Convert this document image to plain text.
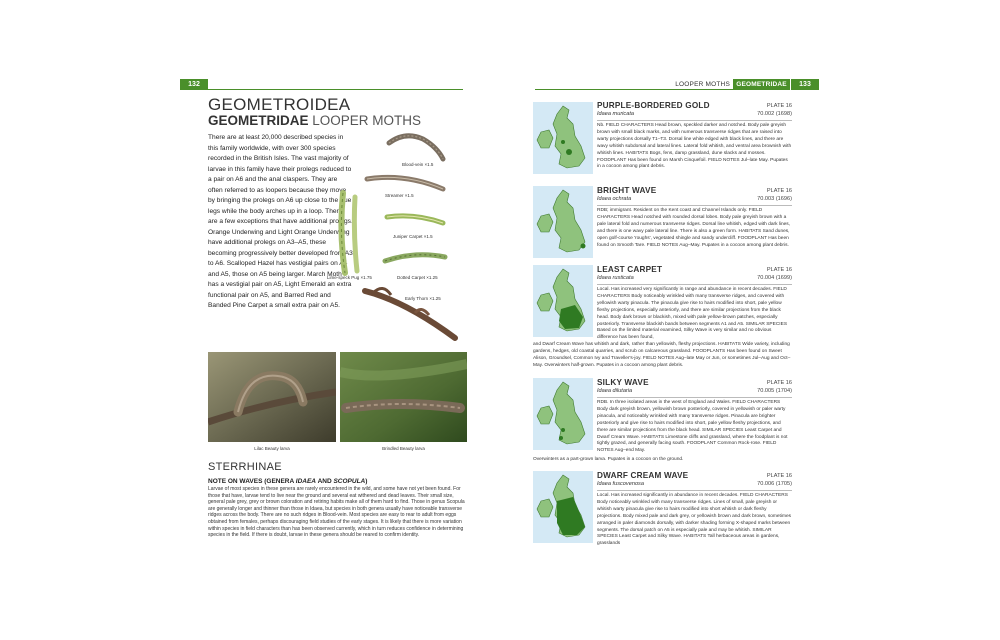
132	LOOPER MOTHS GEOMETRIDAE	133
GEOMETROIDEA
GEOMETRIDAE LOOPER MOTHS
There are at least 20,000 described species in this family worldwide, with over 300 species recorded in the British Isles. The vast majority of larvae in this family have their prolegs reduced to a pair on A6 and the anal claspers. They are often referred to as loopers because they move by bringing the prolegs on A6 up close to the true legs while the body arches up in a loop. There are a few exceptions that have additional prolegs. Orange Underwing and Light Orange Underwing have additional prolegs on A3–A5, these becoming progressively better developed from A3 to A6. Scalloped Hazel has vestigial pairs on A4 and A5, those on A5 being larger. March Moth has a vestigial pair on A5, Light Emerald an extra functional pair on A5, and Barred Red and Banded Pine Carpet a small extra pair on A5.
Blood-vein ×1.5
Streamer ×1.5
Juniper Carpet ×1.5
Lime-speck Pug ×1.75	Dotted Carpet ×1.25
Early Thorn ×1.25
Lilac Beauty larva	Brindled Beauty larva
STERRHINAE
NOTE ON WAVES (GENERA IDAEA AND SCOPULA)
Larvae of most species in these genera are rarely encountered in the wild, and some have not yet been found. For those that have, larvae tend to live near the ground and several eat withered and dead leaves. Their small size, general pale grey, grey or brown coloration and retiring habits make all of them hard to find. Those in genus Scopula are generally longer and thinner than those in Idaea, but species in both genera usually have noticeable transverse ridges across the body. There are no such ridges in Blood-vein. Most species are easy to rear to adult from eggs obtained from females, perhaps discouraging field studies of the early stages. It is likely that there is more variation within species in field characters than has been observed currently, which in turn reduces confidence in determining species in the field. If there is doubt, larvae in these genera should be reared to confirm identity.
PURPLE-BORDERED GOLD
Idaea muricata
PLATE 16
70.002 (1698)
Nb. FIELD CHARACTERS Head brown, speckled darker and notched. Body pale greyish brown with small black marks, and with numerous transverse ridges that are raised into warty projections dorsally T1–T3. Dorsal line white edged with black lines, and there are wavy whitish subdorsal and lateral lines. Lateral fold whitish, and ventral area brownish with whitish lines. HABITATS Bogs, fens, damp grassland, dune slacks and mosses. FOODPLANT Has been found on Marsh Cinquefoil. FIELD NOTES Jul–late May. Pupates in a cocoon among plant debris.
BRIGHT WAVE
Idaea ochrata
PLATE 16
70.003 (1696)
RDB; immigrant. Resident on the Kent coast and Channel Islands only. FIELD CHARACTERS Head notched with rounded dorsal lobes. Body pale greyish brown with a pale lateral fold and numerous transverse ridges. Dorsal line whitish, edged with dark lines, and there is one wavy pale lateral line. There is also a green form. HABITATS Sand dunes, open golf-course 'roughs', vegetated shingle and sandy undercliff. FOODPLANT Has been found on Smooth Tare. FIELD NOTES Aug–May. Pupates in a cocoon among plant debris.
LEAST CARPET
Idaea rusticata
PLATE 16
70.004 (1699)
Local. Has increased very significantly in range and abundance in recent decades. FIELD CHARACTERS Body noticeably wrinkled with many transverse ridges, and covered with yellowish warty pinacula. The pinacula give rise to hairs modified into short, pale yellow fleshy projections, especially anteriorly, and there are similar projections from the black head. Body dark brown or blackish, mixed with pale yellow-brown patches, especially posteriorly. Transverse blackish bands between segments A1 and A5. SIMILAR SPECIES Based on the limited material examined, Silky Wave is very similar and no obvious difference has been found,
and Dwarf Cream Wave has whitish and dark, rather than yellowish, fleshy projections. HABITATS Wide variety, including gardens, hedges, old coastal quarries, and scrub on calcareous grassland. FOODPLANTS Has been found on Sweet Alison, Groundsel, Common Ivy and Traveller's-joy. FIELD NOTES Aug–late May or Jun, or sometimes Jul–Aug and Oct–May. Overwinters half-grown. Pupates in a cocoon among plant debris.
SILKY WAVE
Idaea dilutaria
PLATE 16
70.005 (1704)
RDB. In three isolated areas in the west of England and Wales. FIELD CHARACTERS Body dark greyish brown, yellowish brown posteriorly, covered in yellowish or paler warty pinacula, and noticeably wrinkled with many transverse ridges. Pinacula are brighter posteriorly and give rise to hairs modified into short, pale yellow fleshy projections, and there are similar projections from the black head. SIMILAR SPECIES Least Carpet and Dwarf Cream Wave. HABITATS Limestone cliffs and grassland, where the foodplant is not tightly grazed, and generally facing south. FOODPLANT Common Rock-rose. FIELD NOTES Aug–end May.
Overwinters as a part-grown larva. Pupates in a cocoon on the ground.
DWARF CREAM WAVE
Idaea fuscovenosa
PLATE 16
70.006 (1705)
Local. Has increased significantly in abundance in recent decades. FIELD CHARACTERS Body noticeably wrinkled with many transverse ridges. Lines of small, pale greyish or whitish warty pinacula give rise to hairs modified into short whitish or dark fleshy projections. Body mixed pale and dark grey, or yellowish brown and dark brown, sometimes arranged in paler diamonds dorsally, with darker shading forming X-shaped marks between segments. The dorsal patch on A5 is especially pale and may be whitish. SIMILAR SPECIES Least Carpet and Silky Wave. HABITATS Tall herbaceous areas in gardens, grasslands
